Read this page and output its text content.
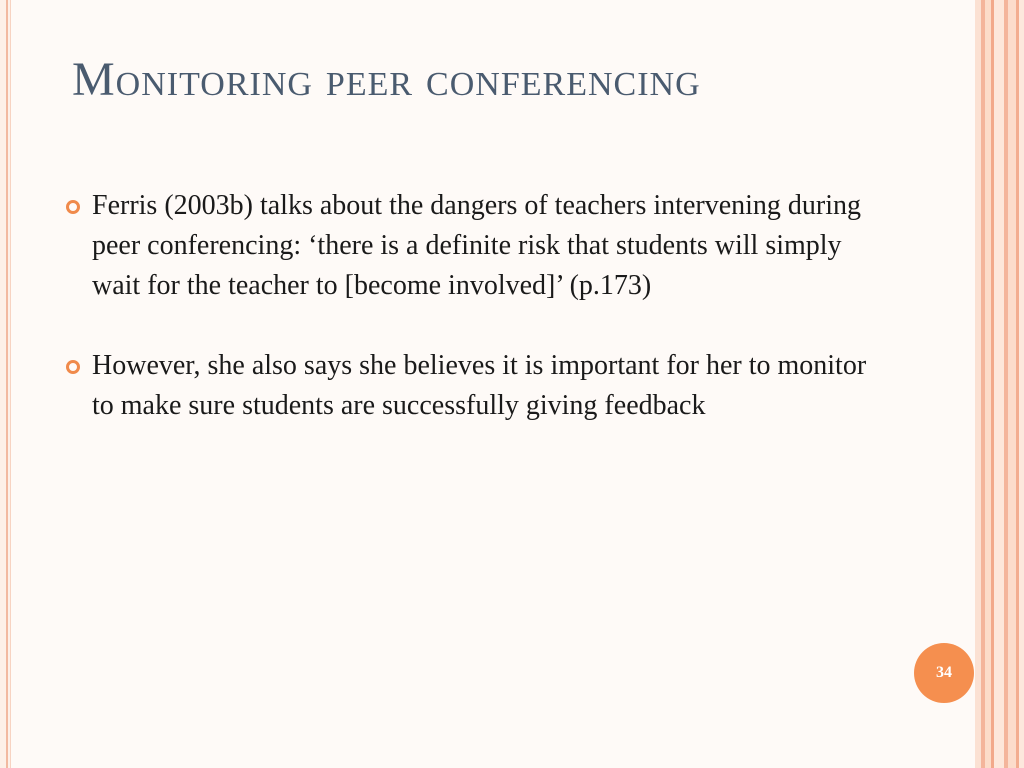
Monitoring peer conferencing
Ferris (2003b) talks about the dangers of teachers intervening during peer conferencing: ‘there is a definite risk that students will simply wait for the teacher to [become involved]’ (p.173)
However, she also says she believes it is important for her to monitor to make sure students are successfully giving feedback
34
